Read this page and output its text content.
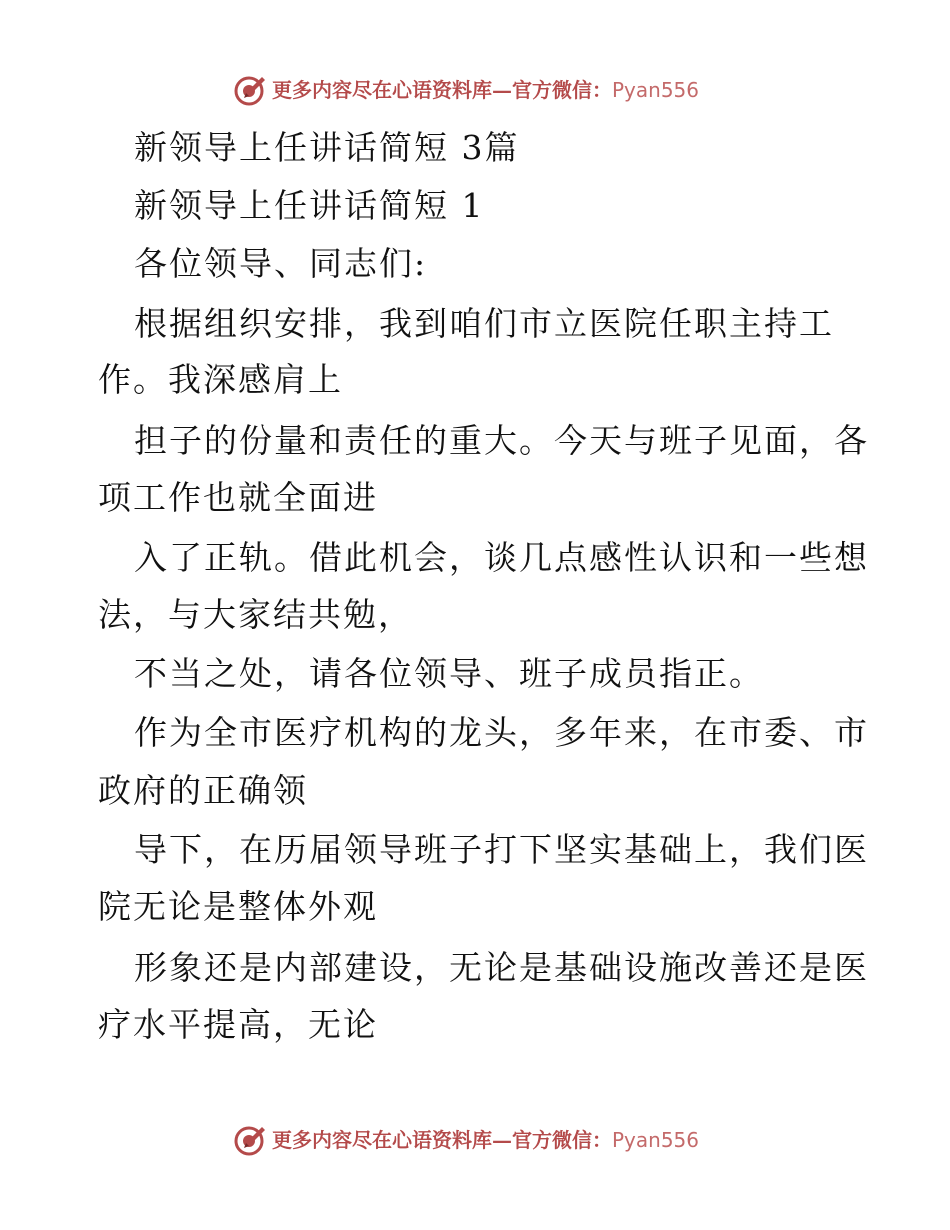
更多内容尽在心语资料库—官方微信：Pyan556
新领导上任讲话简短 3篇
新领导上任讲话简短 1
各位领导、同志们:
根据组织安排，我到咱们市立医院任职主持工
作。我深感肩上
担子的份量和责任的重大。今天与班子见面，各
项工作也就全面进
入了正轨。借此机会，谈几点感性认识和一些想
法，与大家结共勉，
不当之处，请各位领导、班子成员指正。
作为全市医疗机构的龙头，多年来，在市委、市
政府的正确领
导下，在历届领导班子打下坚实基础上，我们医
院无论是整体外观
形象还是内部建设，无论是基础设施改善还是医
疗水平提高，无论
更多内容尽在心语资料库—官方微信：Pyan556
